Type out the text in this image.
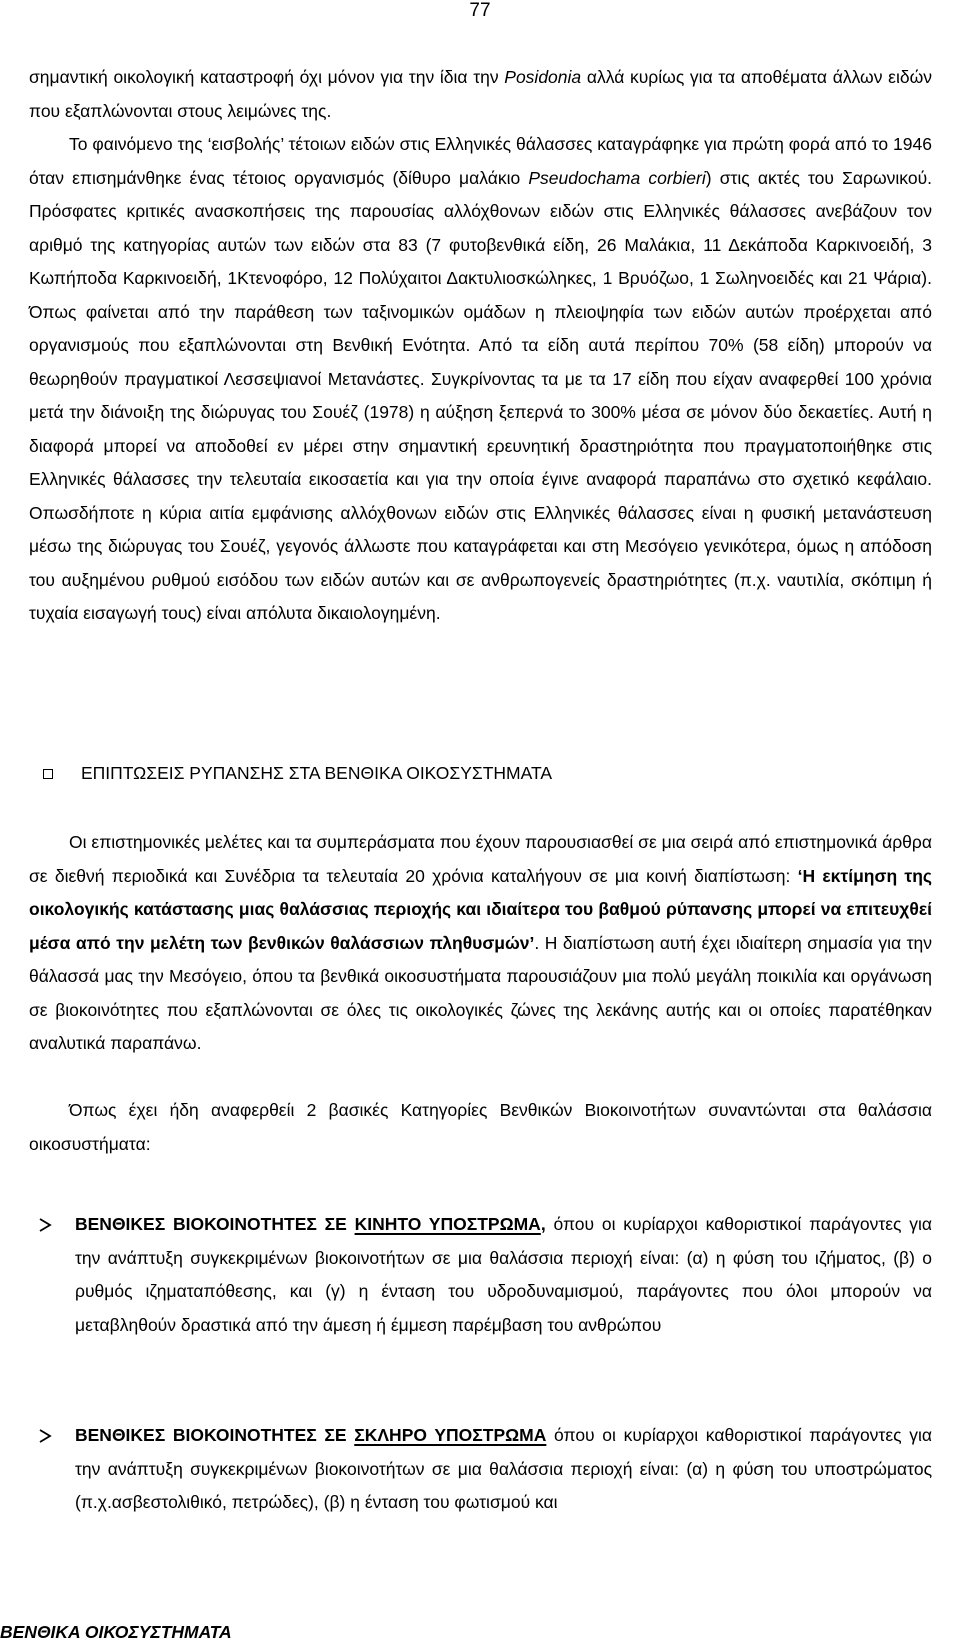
77

σημαντική οικολογική καταστροφή όχι μόνον για την ίδια την Posidonia αλλά κυρίως για τα αποθέματα άλλων ειδών που εξαπλώνονται στους λειμώνες της.

Το φαινόμενο της ‘εισβολής’ τέτοιων ειδών στις Ελληνικές θάλασσες καταγράφηκε για πρώτη φορά από το 1946 όταν επισημάνθηκε ένας τέτοιος οργανισμός (δίθυρο μαλάκιο Pseudochama corbieri) στις ακτές του Σαρωνικού. Πρόσφατες κριτικές ανασκοπήσεις της παρουσίας αλλόχθονων ειδών στις Ελληνικές θάλασσες ανεβάζουν τον αριθμό της κατηγορίας αυτών των ειδών στα 83 (7 φυτοβενθικά είδη, 26 Μαλάκια, 11 Δεκάποδα Καρκινοειδή, 3 Κωπήποδα Καρκινοειδή, 1Κτενοφόρο, 12 Πολύχαιτοι Δακτυλιοσκώληκες, 1 Βρυόζωο, 1 Σωληνοειδές και 21 Ψάρια). Όπως φαίνεται από την παράθεση των ταξινομικών ομάδων η πλειοψηφία των ειδών αυτών προέρχεται από οργανισμούς που εξαπλώνονται στη Βενθική Ενότητα. Από τα είδη αυτά περίπου 70% (58 είδη) μπορούν να θεωρηθούν πραγματικοί Λεσσεψιανοί Μετανάστες. Συγκρίνοντας τα με τα 17 είδη που είχαν αναφερθεί 100 χρόνια μετά την διάνοιξη της διώρυγας του Σουέζ (1978) η αύξηση ξεπερνά το 300% μέσα σε μόνον δύο δεκαετίες. Αυτή η διαφορά μπορεί να αποδοθεί εν μέρει στην σημαντική ερευνητική δραστηριότητα που πραγματοποιήθηκε στις Ελληνικές θάλασσες την τελευταία εικοσαετία και για την οποία έγινε αναφορά παραπάνω στο σχετικό κεφάλαιο. Οπωσδήποτε η κύρια αιτία εμφάνισης αλλόχθονων ειδών στις Ελληνικές θάλασσες είναι η φυσική μετανάστευση μέσω της διώρυγας του Σουέζ, γεγονός άλλωστε που καταγράφεται και στη Μεσόγειο γενικότερα, όμως η απόδοση του αυξημένου ρυθμού εισόδου των ειδών αυτών και σε ανθρωπογενείς δραστηριότητες (π.χ. ναυτιλία, σκόπιμη ή τυχαία εισαγωγή τους) είναι απόλυτα δικαιολογημένη.

ΕΠΙΠΤΩΣΕΙΣ ΡΥΠΑΝΣΗΣ ΣΤΑ ΒΕΝΘΙΚΑ ΟΙΚΟΣΥΣΤΗΜΑΤΑ

Οι επιστημονικές μελέτες και τα συμπεράσματα που έχουν παρουσιασθεί σε μια σειρά από επιστημονικά άρθρα σε διεθνή περιοδικά και Συνέδρια τα τελευταία 20 χρόνια καταλήγουν σε μια κοινή διαπίστωση: ‘Η εκτίμηση της οικολογικής κατάστασης μιας θαλάσσιας περιοχής και ιδιαίτερα του βαθμού ρύπανσης μπορεί να επιτευχθεί μέσα από την μελέτη των βενθικών θαλάσσιων πληθυσμών’. Η διαπίστωση αυτή έχει ιδιαίτερη σημασία για την θάλασσά μας την Μεσόγειο, όπου τα βενθικά οικοσυστήματα παρουσιάζουν μια πολύ μεγάλη ποικιλία και οργάνωση σε βιοκοινότητες που εξαπλώνονται σε όλες τις οικολογικές ζώνες της λεκάνης αυτής και οι οποίες παρατέθηκαν αναλυτικά παραπάνω.

Όπως έχει ήδη αναφερθείι 2 βασικές Κατηγορίες Βενθικών Βιοκοινοτήτων συναντώνται στα θαλάσσια οικοσυστήματα:

ΒΕΝΘΙΚΕΣ ΒΙΟΚΟΙΝΟΤΗΤΕΣ ΣΕ ΚΙΝΗΤΟ ΥΠΟΣΤΡΩΜΑ, όπου οι κυρίαρχοι καθοριστικοί παράγοντες για την ανάπτυξη συγκεκριμένων βιοκοινοτήτων σε μια θαλάσσια περιοχή είναι: (α) η φύση του ιζήματος, (β) ο ρυθμός ιζηματαπόθεσης, και (γ) η ένταση του υδροδυναμισμού, παράγοντες που όλοι μπορούν να μεταβληθούν δραστικά από την άμεση ή έμμεση παρέμβαση του ανθρώπου
ΒΕΝΘΙΚΕΣ ΒΙΟΚΟΙΝΟΤΗΤΕΣ ΣΕ ΣΚΛΗΡΟ ΥΠΟΣΤΡΩΜΑ όπου οι κυρίαρχοι καθοριστικοί παράγοντες για την ανάπτυξη συγκεκριμένων βιοκοινοτήτων σε μια θαλάσσια περιοχή είναι: (α) η φύση του υποστρώματος (π.χ.ασβεστολιθικό, πετρώδες), (β) η ένταση του φωτισμού και
ΒΕΝΘΙΚΑ ΟΙΚΟΣΥΣΤΗΜΑΤΑ
